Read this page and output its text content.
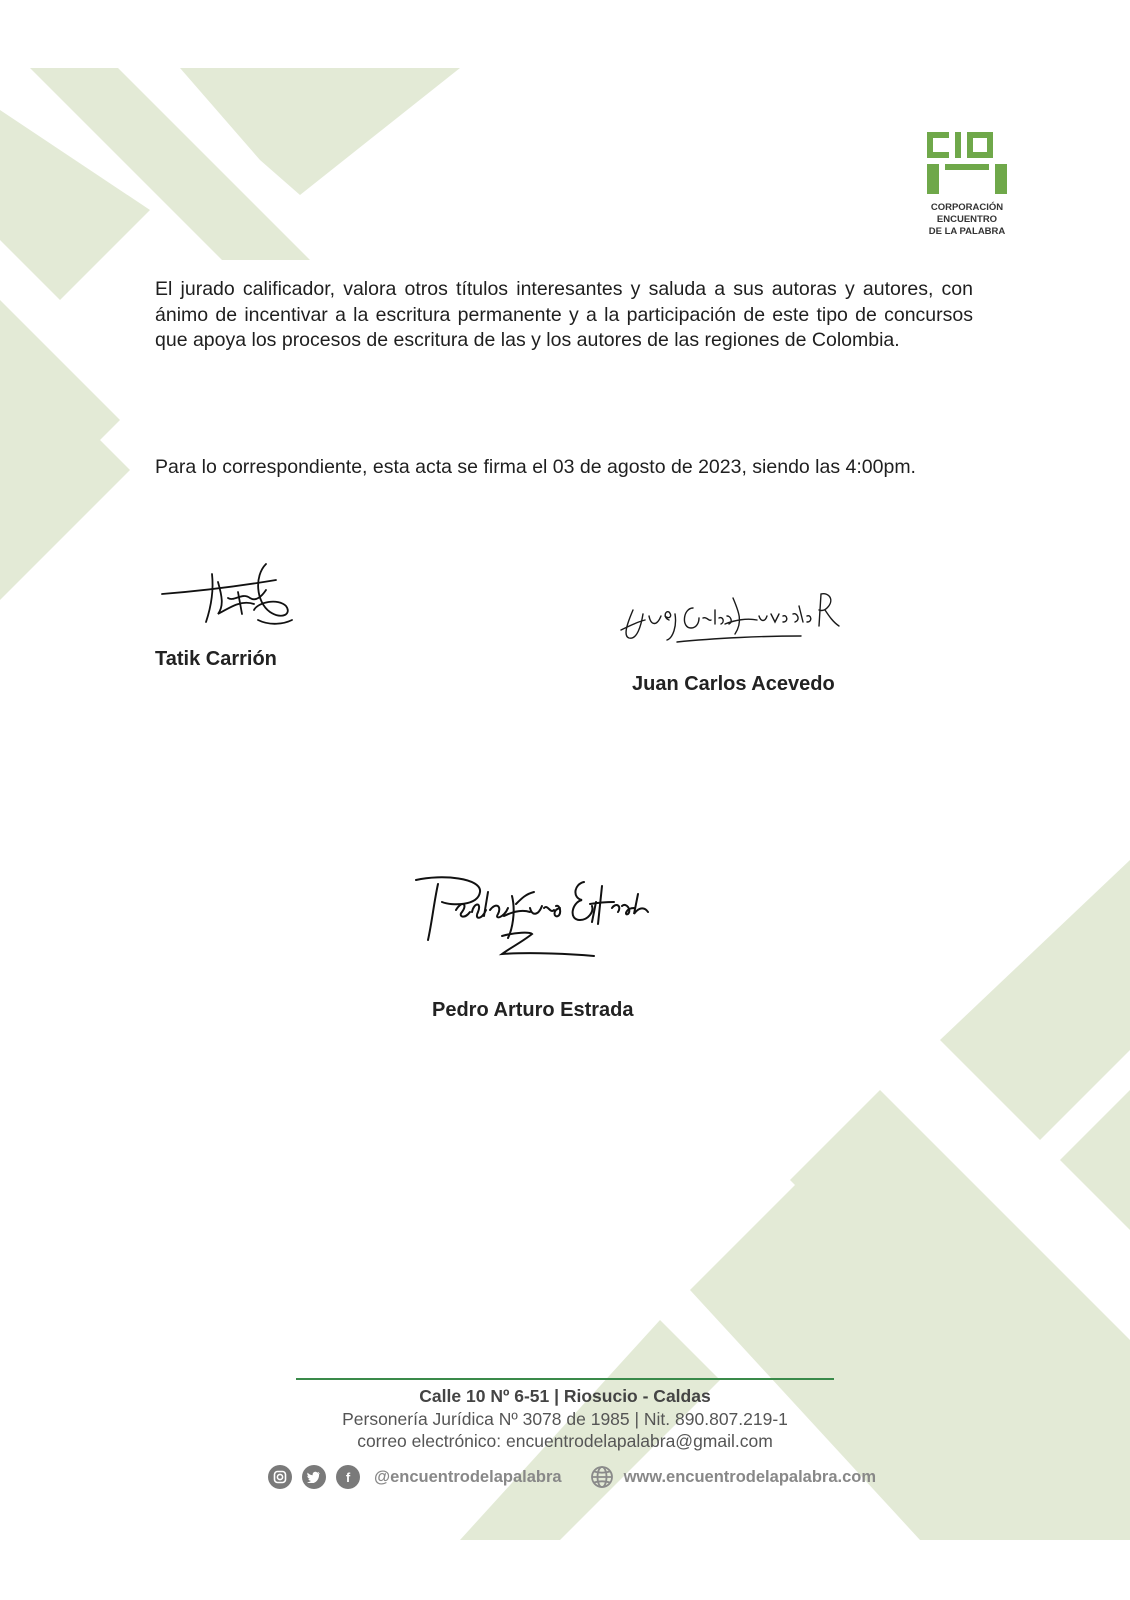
CORPORACIÓN
ENCUENTRO
DE LA PALABRA
El jurado calificador, valora otros títulos interesantes y saluda a sus autoras y autores, con ánimo de incentivar a la escritura permanente y a la participación de este tipo de concursos que apoya los procesos de escritura de las y los autores de las regiones de Colombia.
Para lo correspondiente, esta acta se firma el 03 de agosto de 2023, siendo las 4:00pm.
Tatik Carrión
Juan Carlos Acevedo
Pedro Arturo Estrada
Calle 10 Nº 6-51 | Riosucio - Caldas
Personería Jurídica Nº 3078 de 1985 | Nit. 890.807.219-1
correo electrónico: encuentrodelapalabra@gmail.com
f	@encuentrodelapalabra	www.encuentrodelapalabra.com
